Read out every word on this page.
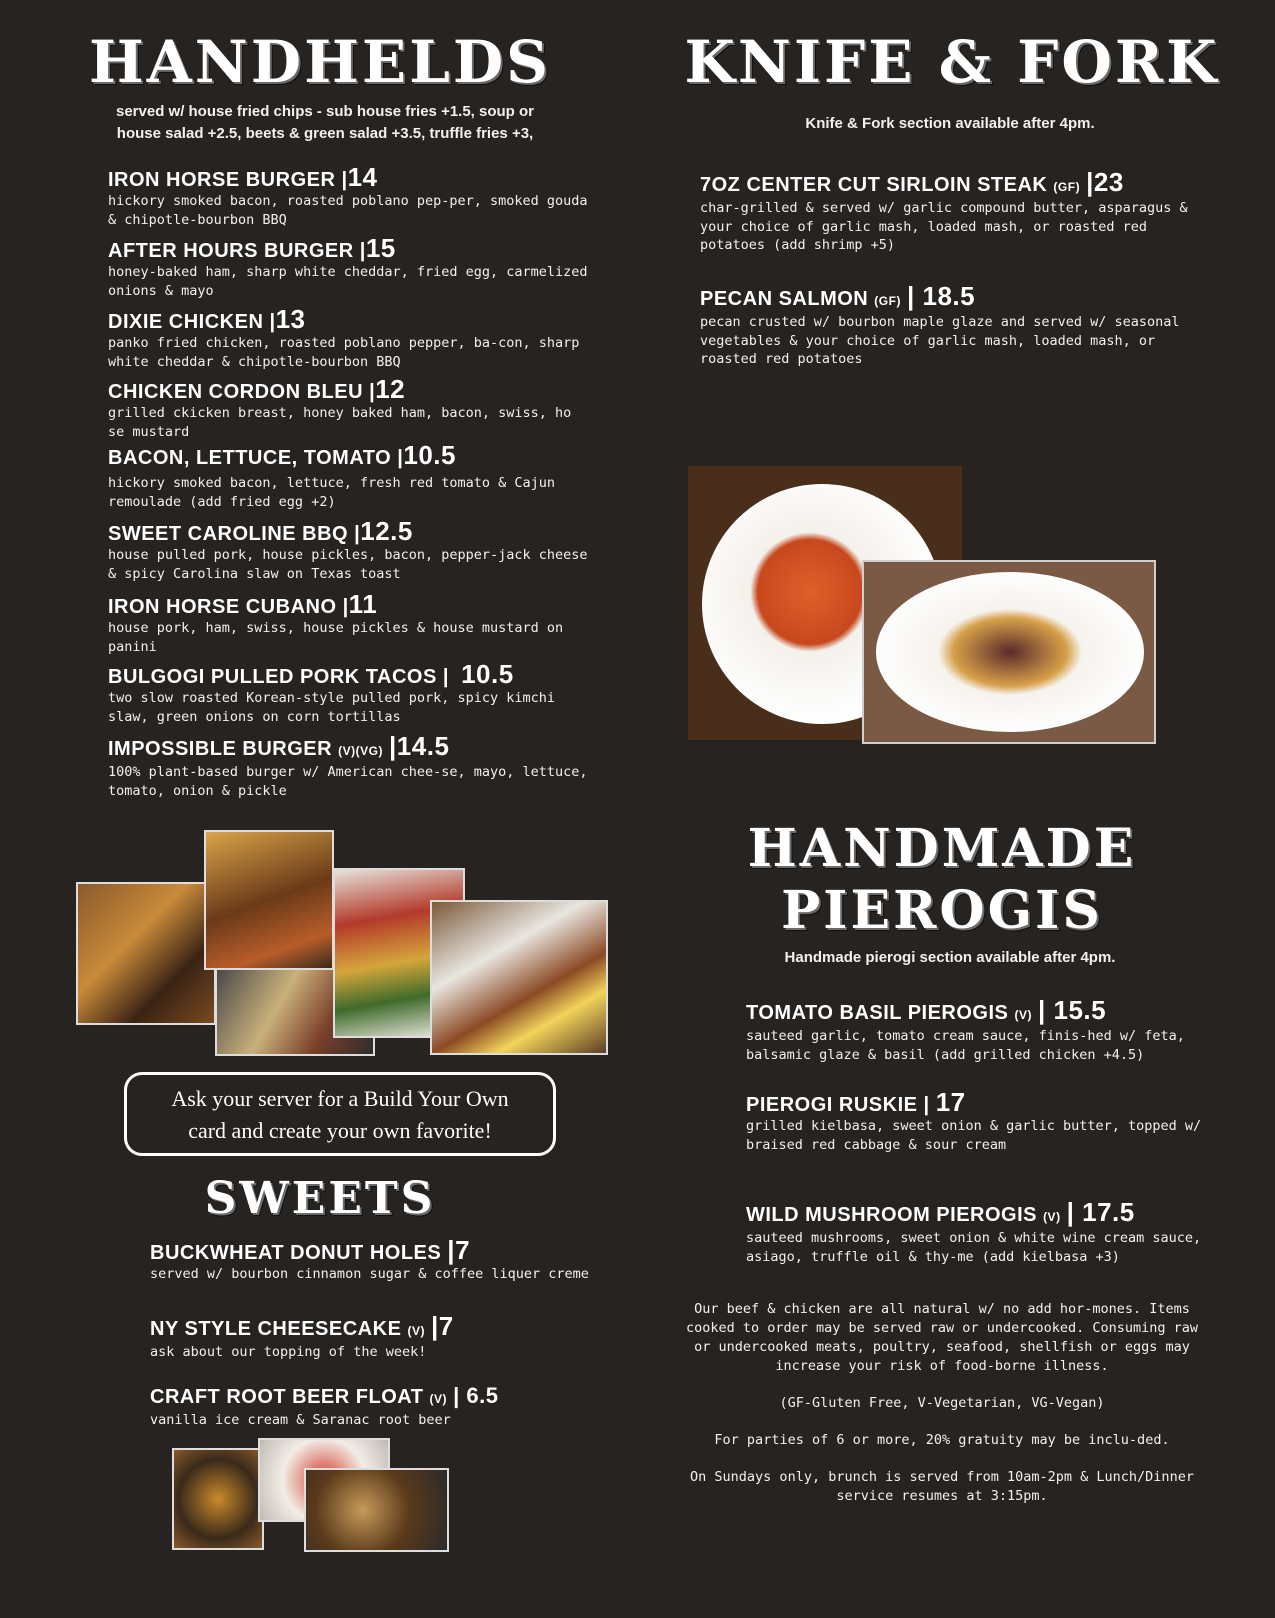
HANDHELDS
served w/ house fried chips - sub house fries +1.5, soup or
house salad +2.5, beets & green salad +3.5, truffle fries +3,
IRON HORSE BURGER |14
hickory smoked bacon, roasted poblano pep-per, smoked gouda & chipotle-bourbon BBQ
AFTER HOURS BURGER |15
honey-baked ham, sharp white cheddar, fried egg, carmelized onions & mayo
DIXIE CHICKEN |13
panko fried chicken, roasted poblano pepper, ba-con, sharp white cheddar & chipotle-bourbon BBQ
CHICKEN CORDON BLEU |12
grilled ckicken breast, honey baked ham, bacon, swiss, ho se mustard
BACON, LETTUCE, TOMATO |10.5
hickory smoked bacon, lettuce, fresh red tomato & Cajun remoulade (add fried egg +2)
SWEET CAROLINE BBQ |12.5
house pulled pork, house pickles, bacon, pepper-jack cheese & spicy Carolina slaw on Texas toast
IRON HORSE CUBANO |11
house pork, ham, swiss, house pickles & house mustard on panini
BULGOGI PULLED PORK TACOS | 10.5
two slow roasted Korean-style pulled pork, spicy kimchi slaw, green onions on corn tortillas
IMPOSSIBLE BURGER (V)(VG) |14.5
100% plant-based burger w/ American chee-se, mayo, lettuce, tomato, onion & pickle
Ask your server for a Build Your Own
card and create your own favorite!
SWEETS
BUCKWHEAT DONUT HOLES |7
served w/ bourbon cinnamon sugar & coffee liquer creme
NY STYLE CHEESECAKE (V) |7
ask about our topping of the week!
CRAFT ROOT BEER FLOAT (V) | 6.5
vanilla ice cream & Saranac root beer
KNIFE & FORK
Knife & Fork section available after 4pm.
7OZ CENTER CUT SIRLOIN STEAK (GF) |23
char-grilled & served w/ garlic compound butter, asparagus & your choice of garlic mash, loaded mash, or roasted red potatoes (add shrimp +5)
PECAN SALMON (GF) | 18.5
pecan crusted w/ bourbon maple glaze and served w/ seasonal vegetables & your choice of garlic mash, loaded mash, or roasted red potatoes
HANDMADE
PIEROGIS
Handmade pierogi section available after 4pm.
TOMATO BASIL PIEROGIS (V) | 15.5
sauteed garlic, tomato cream sauce, finis-hed w/ feta, balsamic glaze & basil (add grilled chicken +4.5)
PIEROGI RUSKIE | 17
grilled kielbasa, sweet onion & garlic butter, topped w/ braised red cabbage & sour cream
WILD MUSHROOM PIEROGIS (V) | 17.5
sauteed mushrooms, sweet onion & white wine cream sauce, asiago, truffle oil & thy-me (add kielbasa +3)
Our beef & chicken are all natural w/ no add hor-mones. Items cooked to order may be served raw or undercooked. Consuming raw or undercooked meats, poultry, seafood, shellfish or eggs may increase your risk of food-borne illness.
(GF-Gluten Free, V-Vegetarian, VG-Vegan)
For parties of 6 or more, 20% gratuity may be inclu-ded.
On Sundays only, brunch is served from 10am-2pm & Lunch/Dinner service resumes at 3:15pm.
